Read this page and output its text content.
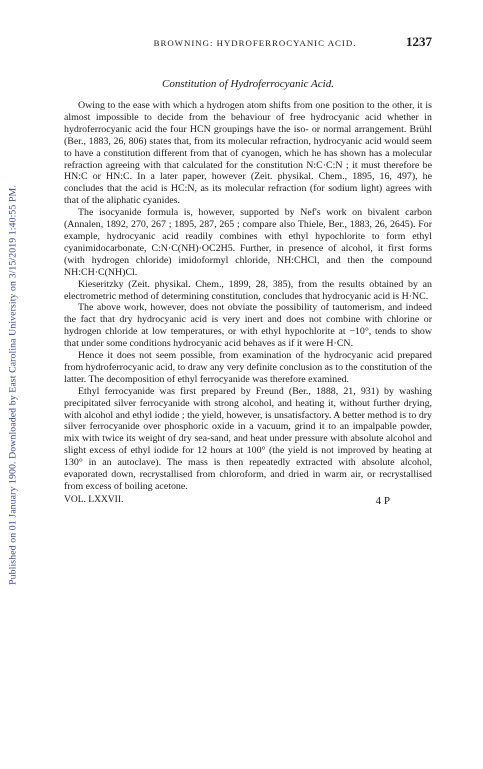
Published on 01 January 1900. Downloaded by East Carolina University on 3/15/2019 1:40:55 PM.
BROWNING: HYDROFERROCYANIC ACID.	1237
Constitution of Hydroferrocyanic Acid.

Owing to the ease with which a hydrogen atom shifts from one position to the other, it is almost impossible to decide from the behaviour of free hydrocyanic acid whether in hydroferrocyanic acid the four HCN groupings have the iso- or normal arrangement. Brühl (Ber., 1883, 26, 806) states that, from its molecular refraction, hydrocyanic acid would seem to have a constitution different from that of cyanogen, which he has shown has a molecular refraction agreeing with that calculated for the constitution N:C·C:N ; it must therefore be HN:C or HN:C. In a later paper, however (Zeit. physikal. Chem., 1895, 16, 497), he concludes that the acid is HC:N, as its molecular refraction (for sodium light) agrees with that of the aliphatic cyanides.

The isocyanide formula is, however, supported by Nef's work on bivalent carbon (Annalen, 1892, 270, 267 ; 1895, 287, 265 ; compare also Thiele, Ber., 1883, 26, 2645). For example, hydrocyanic acid readily combines with ethyl hypochlorite to form ethyl cyanimidocarbonate, C:N·C(NH)·OC2H5. Further, in presence of alcohol, it first forms (with hydrogen chloride) imidoformyl chloride, NH:CHCl, and then the compound NH:CH·C(NH)Cl.

Kieseritzky (Zeit. physikal. Chem., 1899, 28, 385), from the results obtained by an electrometric method of determining constitution, concludes that hydrocyanic acid is H·NC.

The above work, however, does not obviate the possibility of tautomerism, and indeed the fact that dry hydrocyanic acid is very inert and does not combine with chlorine or hydrogen chloride at low temperatures, or with ethyl hypochlorite at −10°, tends to show that under some conditions hydrocyanic acid behaves as if it were H·CN.

Hence it does not seem possible, from examination of the hydrocyanic acid prepared from hydroferrocyanic acid, to draw any very definite conclusion as to the constitution of the latter. The decomposition of ethyl ferrocyanide was therefore examined.

Ethyl ferrocyanide was first prepared by Freund (Ber., 1888, 21, 931) by washing precipitated silver ferrocyanide with strong alcohol, and heating it, without further drying, with alcohol and ethyl iodide ; the yield, however, is unsatisfactory. A better method is to dry silver ferrocyanide over phosphoric oxide in a vacuum, grind it to an impalpable powder, mix with twice its weight of dry sea-sand, and heat under pressure with absolute alcohol and slight excess of ethyl iodide for 12 hours at 100° (the yield is not improved by heating at 130° in an autoclave). The mass is then repeatedly extracted with absolute alcohol, evaporated down, recrystallised from chloroform, and dried in warm air, or recrystallised from excess of boiling acetone.

VOL. LXXVII.	4 P
